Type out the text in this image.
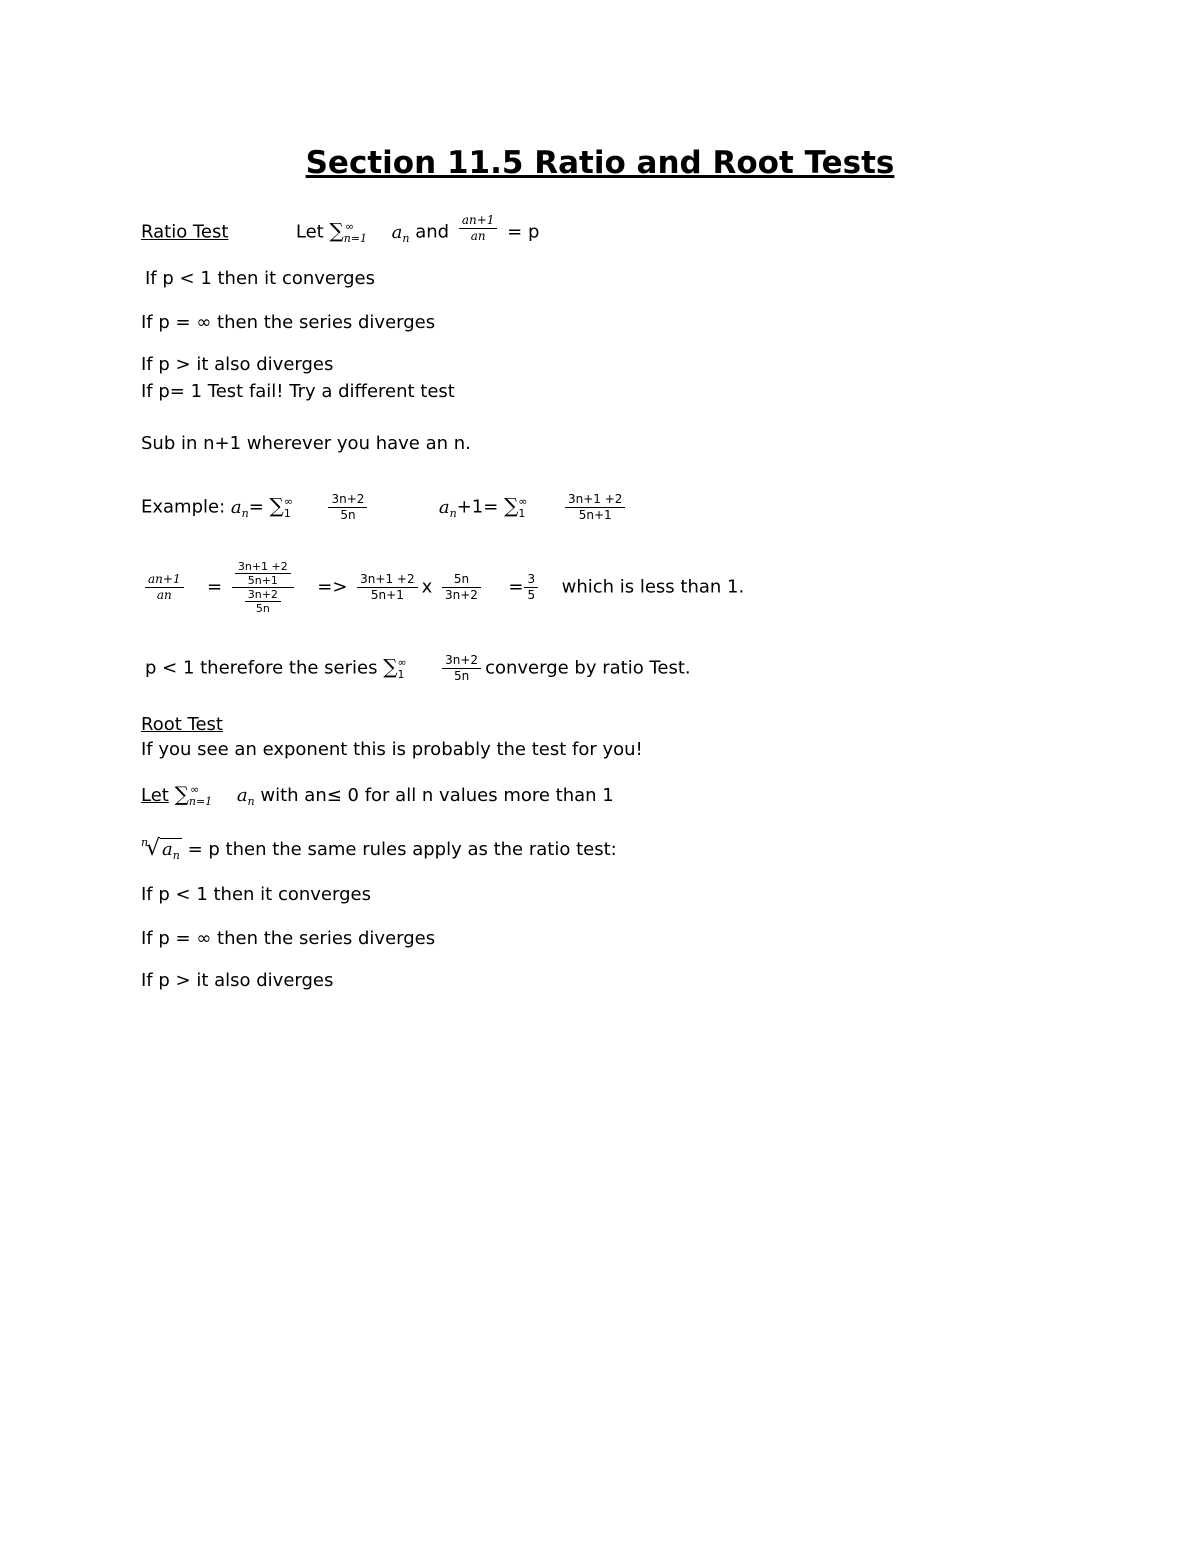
Section 11.5 Ratio and Root Tests
Ratio Test	Let $\sum_{n=1}^\infty$ $a_n$ and $\frac{an+1}{an} = p$
If p < 1 then it converges
If p = ∞ then the series diverges
If p > it also diverges
If p= 1 Test fail! Try a different test
Sub in n+1 wherever you have an n.
Example: $a_n= \sum_1^\infty$	$\frac{3n+2}{5n}$	$a_n+1= \sum_1^\infty$	$\frac{3n+1 +2}{5n+1}$
$\frac{an+1}{an} = \frac{\frac{3n+1 +2}{5n+1}}{\frac{3n+2}{5n}} => \frac{3n+1 +2}{5n+1}$ x $\frac{5n}{3n+2} = \frac{3}{5}$ which is less than 1.
p < 1 therefore the series $\sum_1^\infty$	$\frac{3n+2}{5n}$ converge by ratio Test.
Root Test
If you see an exponent this is probably the test for you!
Let $\sum_{n=1}^\infty$ $a_n$ with an≤ 0 for all n values more than 1
n
√ $a_n = p$ then the same rules apply as the ratio test:
If p < 1 then it converges
If p = ∞ then the series diverges
If p > it also diverges
